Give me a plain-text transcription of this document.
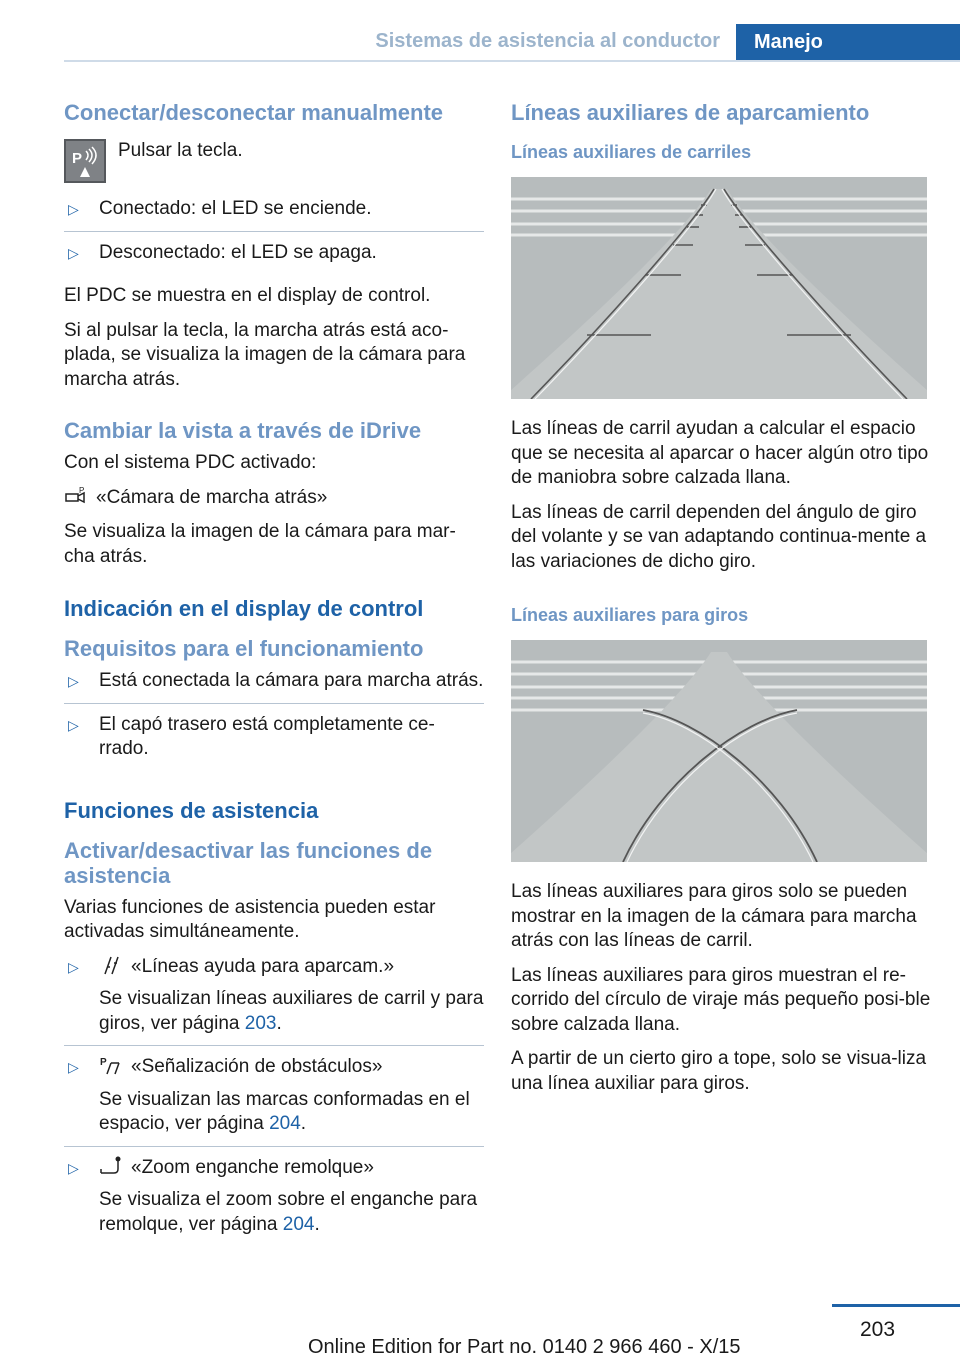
Sistemas de asistencia al conductor Manejo
Conectar/desconectar manualmente
P Pulsar la tecla.

▷ Conectado: el LED se enciende.
▷ Desconectado: el LED se apaga.

El PDC se muestra en el display de control.

Si al pulsar la tecla, la marcha atrás está aco‐plada, se visualiza la imagen de la cámara para marcha atrás.

Cambiar la vista a través de iDrive

Con el sistema PDC activado:

P «Cámara de marcha atrás»

Se visualiza la imagen de la cámara para mar‐cha atrás.

Indicación en el display de control
Requisitos para el funcionamiento
▷ Está conectada la cámara para marcha atrás.
▷ El capó trasero está completamente ce‐rrado.
Funciones de asistencia
Activar/desactivar las funciones de asistencia

Varias funciones de asistencia pueden estar activadas simultáneamente.

▷	«Líneas ayuda para aparcam.»

Se visualizan líneas auxiliares de carril y para giros, ver página 203.

▷ P «Señalización de obstáculos»

Se visualizan las marcas conformadas en el espacio, ver página 204.

▷	«Zoom enganche remolque»

Se visualiza el zoom sobre el enganche para remolque, ver página 204.

Líneas auxiliares de aparcamiento
Líneas auxiliares de carriles

Las líneas de carril ayudan a calcular el espacio que se necesita al aparcar o hacer algún otro tipo de maniobra sobre calzada llana.

Las líneas de carril dependen del ángulo de giro del volante y se van adaptando continua‐mente a las variaciones de dicho giro.

Líneas auxiliares para giros

Las líneas auxiliares para giros solo se pueden mostrar en la imagen de la cámara para marcha atrás con las líneas de carril.

Las líneas auxiliares para giros muestran el re‐corrido del círculo de viraje más pequeño posi‐ble sobre calzada llana.

A partir de un cierto giro a tope, solo se visua‐liza una línea auxiliar para giros.

203
Online Edition for Part no. 0140 2 966 460 - X/15
